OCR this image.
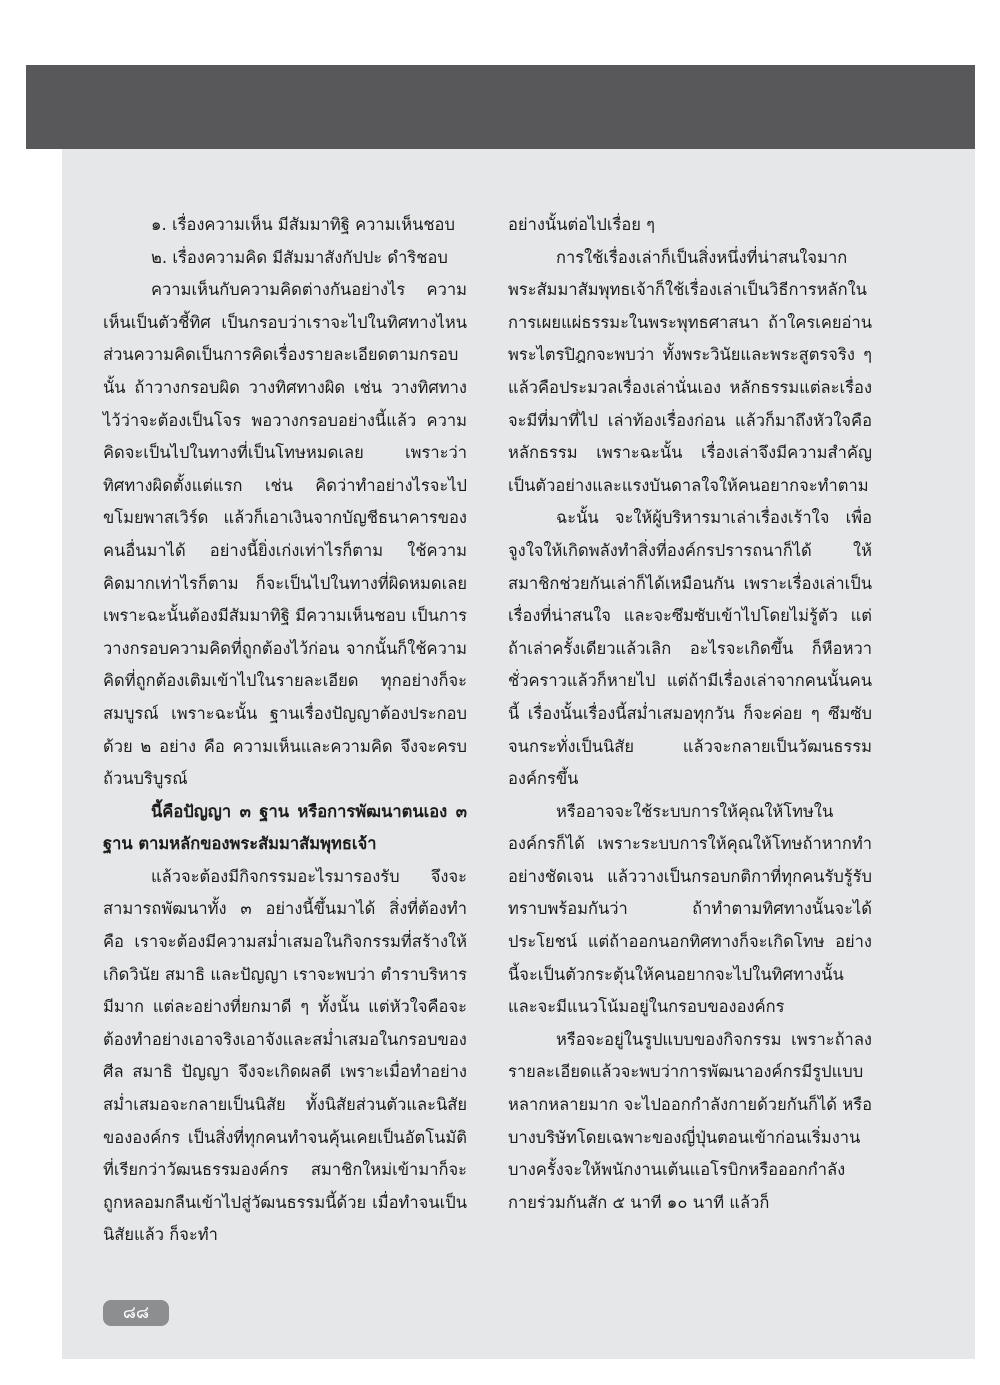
๑. เรื่องความเห็น มีสัมมาทิฐิ ความเห็นชอบ

๒. เรื่องความคิด มีสัมมาสังกัปปะ ดำริชอบ

ความเห็นกับความคิดต่างกันอย่างไร ความเห็นเป็นตัวชี้ทิศ เป็นกรอบว่าเราจะไปในทิศทางไหน ส่วนความคิดเป็นการคิดเรื่องรายละเอียดตามกรอบนั้น ถ้าวางกรอบผิด วางทิศทางผิด เช่น วางทิศทางไว้ว่าจะต้องเป็นโจร พอวางกรอบอย่างนี้แล้ว ความคิดจะเป็นไปในทางที่เป็นโทษหมดเลย เพราะว่าทิศทางผิดตั้งแต่แรก เช่น คิดว่าทำอย่างไรจะไปขโมยพาสเวิร์ด แล้วก็เอาเงินจากบัญชีธนาคารของคนอื่นมาได้ อย่างนี้ยิ่งเก่งเท่าไรก็ตาม ใช้ความคิดมากเท่าไรก็ตาม ก็จะเป็นไปในทางที่ผิดหมดเลย เพราะฉะนั้นต้องมีสัมมาทิฐิ มีความเห็นชอบ เป็นการวางกรอบความคิดที่ถูกต้องไว้ก่อน จากนั้นก็ใช้ความคิดที่ถูกต้องเติมเข้าไปในรายละเอียด ทุกอย่างก็จะสมบูรณ์ เพราะฉะนั้น ฐานเรื่องปัญญาต้องประกอบด้วย ๒ อย่าง คือ ความเห็นและความคิด จึงจะครบถ้วนบริบูรณ์

นี้คือปัญญา ๓ ฐาน หรือการพัฒนาตนเอง ๓ ฐาน ตามหลักของพระสัมมาสัมพุทธเจ้า

แล้วจะต้องมีกิจกรรมอะไรมารองรับ จึงจะสามารถพัฒนาทั้ง ๓ อย่างนี้ขึ้นมาได้ สิ่งที่ต้องทำ คือ เราจะต้องมีความสม่ำเสมอในกิจกรรมที่สร้างให้เกิดวินัย สมาธิ และปัญญา เราจะพบว่า ตำราบริหารมีมาก แต่ละอย่างที่ยกมาดี ๆ ทั้งนั้น แต่หัวใจคือจะต้องทำอย่างเอาจริงเอาจังและสม่ำเสมอในกรอบของศีล สมาธิ ปัญญา จึงจะเกิดผลดี เพราะเมื่อทำอย่างสม่ำเสมอจะกลายเป็นนิสัย ทั้งนิสัยส่วนตัวและนิสัยขององค์กร เป็นสิ่งที่ทุกคนทำจนคุ้นเคยเป็นอัตโนมัติ ที่เรียกว่าวัฒนธรรมองค์กร สมาชิกใหม่เข้ามาก็จะถูกหลอมกลืนเข้าไปสู่วัฒนธรรมนี้ด้วย เมื่อทำจนเป็นนิสัยแล้ว ก็จะทำ

อย่างนั้นต่อไปเรื่อย ๆ

การใช้เรื่องเล่าก็เป็นสิ่งหนึ่งที่น่าสนใจมาก พระสัมมาสัมพุทธเจ้าก็ใช้เรื่องเล่าเป็นวิธีการหลักในการเผยแผ่ธรรมะในพระพุทธศาสนา ถ้าใครเคยอ่านพระไตรปิฎกจะพบว่า ทั้งพระวินัยและพระสูตรจริง ๆ แล้วคือประมวลเรื่องเล่านั่นเอง หลักธรรมแต่ละเรื่องจะมีที่มาที่ไป เล่าท้องเรื่องก่อน แล้วก็มาถึงหัวใจคือหลักธรรม เพราะฉะนั้น เรื่องเล่าจึงมีความสำคัญ เป็นตัวอย่างและแรงบันดาลใจให้คนอยากจะทำตาม

ฉะนั้น จะให้ผู้บริหารมาเล่าเรื่องเร้าใจ เพื่อจูงใจให้เกิดพลังทำสิ่งที่องค์กรปรารถนาก็ได้ ให้สมาชิกช่วยกันเล่าก็ได้เหมือนกัน เพราะเรื่องเล่าเป็นเรื่องที่น่าสนใจ และจะซึมซับเข้าไปโดยไม่รู้ตัว แต่ถ้าเล่าครั้งเดียวแล้วเลิก อะไรจะเกิดขึ้น ก็หือหวาชั่วคราวแล้วก็หายไป แต่ถ้ามีเรื่องเล่าจากคนนั้นคนนี้ เรื่องนั้นเรื่องนี้สม่ำเสมอทุกวัน ก็จะค่อย ๆ ซึมซับจนกระทั่งเป็นนิสัย แล้วจะกลายเป็นวัฒนธรรมองค์กรขึ้น

หรืออาจจะใช้ระบบการให้คุณให้โทษในองค์กรก็ได้ เพราะระบบการให้คุณให้โทษถ้าหากทำอย่างชัดเจน แล้ววางเป็นกรอบกติกาที่ทุกคนรับรู้รับทราบพร้อมกันว่า ถ้าทำตามทิศทางนั้นจะได้ประโยชน์ แต่ถ้าออกนอกทิศทางก็จะเกิดโทษ อย่างนี้จะเป็นตัวกระตุ้นให้คนอยากจะไปในทิศทางนั้น และจะมีแนวโน้มอยู่ในกรอบขององค์กร

หรือจะอยู่ในรูปแบบของกิจกรรม เพราะถ้าลงรายละเอียดแล้วจะพบว่าการพัฒนาองค์กรมีรูปแบบหลากหลายมาก จะไปออกกำลังกายด้วยกันก็ได้ หรือบางบริษัทโดยเฉพาะของญี่ปุ่นตอนเข้าก่อนเริ่มงาน บางครั้งจะให้พนักงานเต้นแอโรบิกหรือออกกำลังกายร่วมกันสัก ๕ นาที ๑๐ นาที แล้วก็

๘๘
